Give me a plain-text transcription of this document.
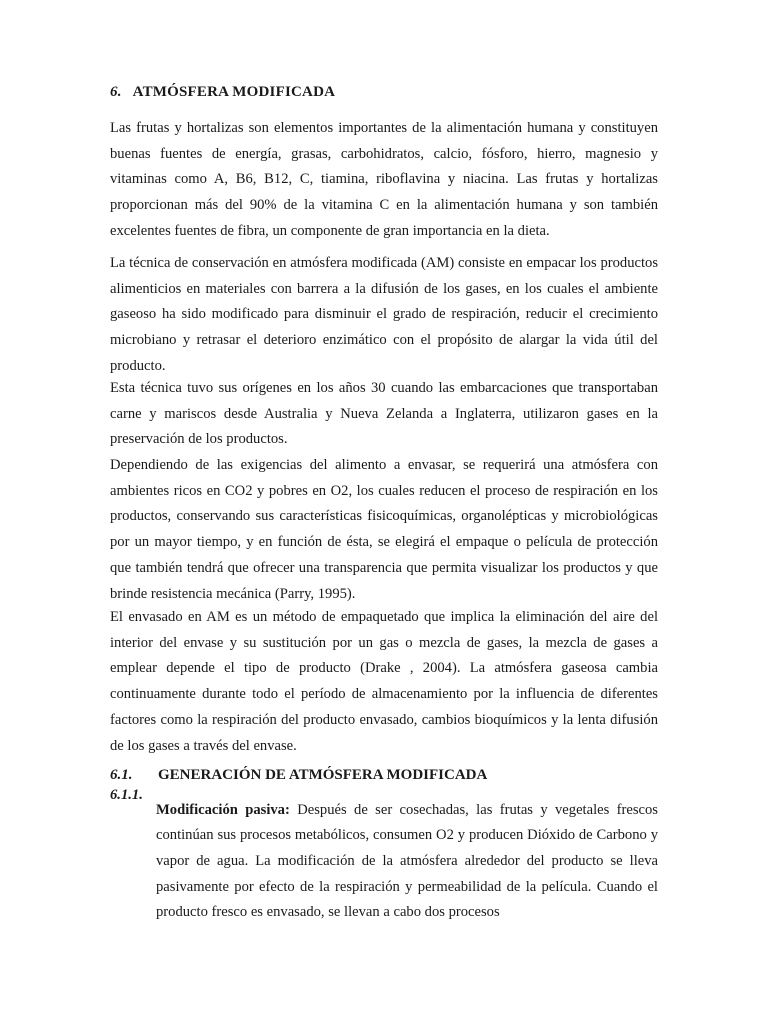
6. ATMÓSFERA MODIFICADA

Las frutas y hortalizas son elementos importantes de la alimentación humana y constituyen buenas fuentes de energía, grasas, carbohidratos, calcio, fósforo, hierro, magnesio y vitaminas como A, B6, B12, C, tiamina, riboflavina y niacina. Las frutas y hortalizas proporcionan más del 90% de la vitamina C en la alimentación humana y son también excelentes fuentes de fibra, un componente de gran importancia en la dieta.

La técnica de conservación en atmósfera modificada (AM) consiste en empacar los productos alimenticios en materiales con barrera a la difusión de los gases, en los cuales el ambiente gaseoso ha sido modificado para disminuir el grado de respiración, reducir el crecimiento microbiano y retrasar el deterioro enzimático con el propósito de alargar la vida útil del producto.

Esta técnica tuvo sus orígenes en los años 30 cuando las embarcaciones que transportaban carne y mariscos desde Australia y Nueva Zelanda a Inglaterra, utilizaron gases en la preservación de los productos.

Dependiendo de las exigencias del alimento a envasar, se requerirá una atmósfera con ambientes ricos en CO2 y pobres en O2, los cuales reducen el proceso de respiración en los productos, conservando sus características fisicoquímicas, organolépticas y microbiológicas por un mayor tiempo, y en función de ésta, se elegirá el empaque o película de protección que también tendrá que ofrecer una transparencia que permita visualizar los productos y que brinde resistencia mecánica (Parry, 1995).

El envasado en AM es un método de empaquetado que implica la eliminación del aire del interior del envase y su sustitución por un gas o mezcla de gases, la mezcla de gases a emplear depende el tipo de producto (Drake , 2004). La atmósfera gaseosa cambia continuamente durante todo el período de almacenamiento por la influencia de diferentes factores como la respiración del producto envasado, cambios bioquímicos y la lenta difusión de los gases a través del envase.

6.1. GENERACIÓN DE ATMÓSFERA MODIFICADA
6.1.1.

Modificación pasiva: Después de ser cosechadas, las frutas y vegetales frescos continúan sus procesos metabólicos, consumen O2 y producen Dióxido de Carbono y vapor de agua. La modificación de la atmósfera alrededor del producto se lleva pasivamente por efecto de la respiración y permeabilidad de la película. Cuando el producto fresco es envasado, se llevan a cabo dos procesos
